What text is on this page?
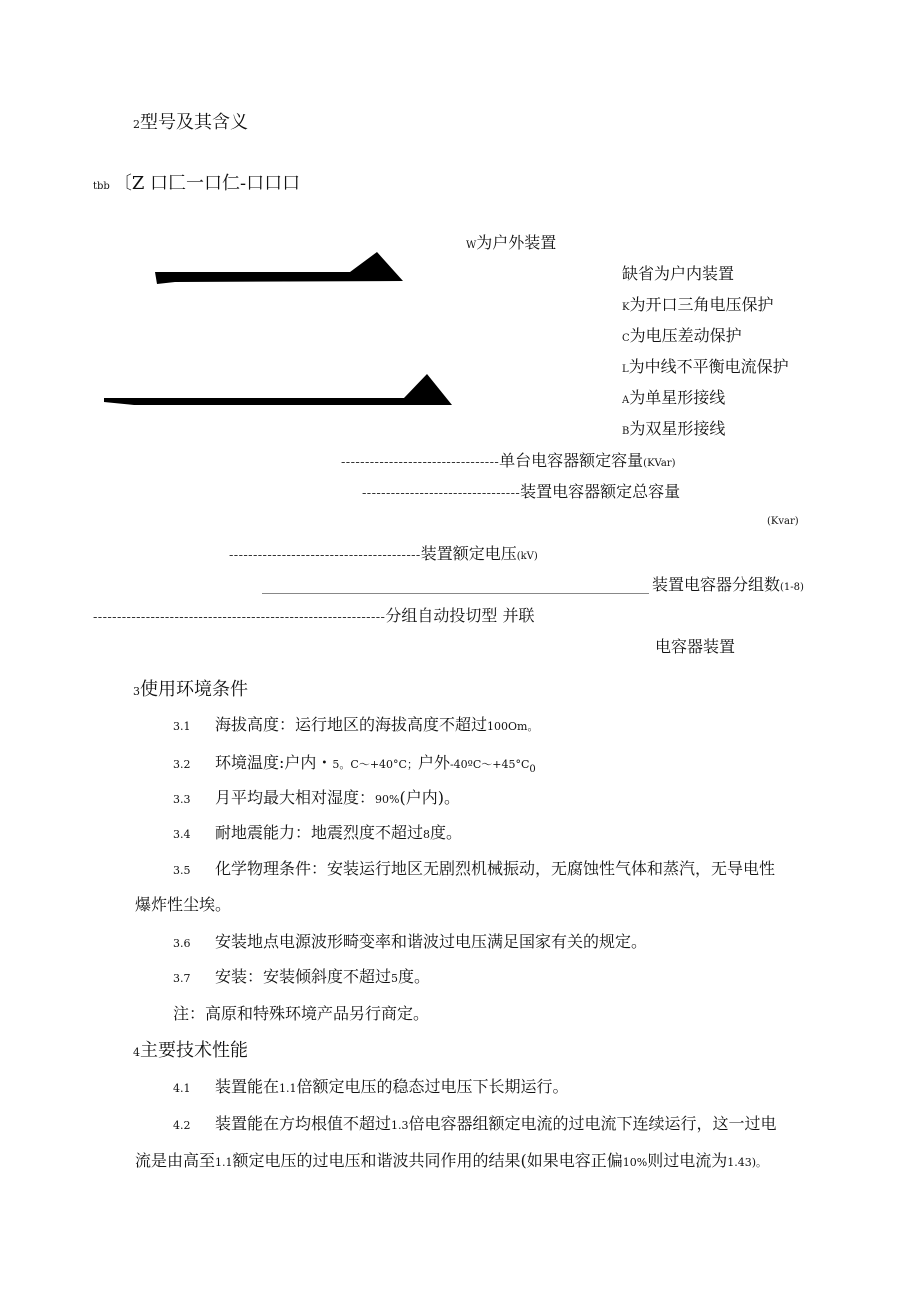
2型号及其含义
tbb 〔Z 口匚一口仁-口口口
W为户外装置
缺省为户内装置
K为开口三角电压保护
C为电压差动保护
L为中线不平衡电流保护
A为单星形接线
B为双星形接线
---------------------------------单台电容器额定容量(KVar)
---------------------------------装置电容器额定总容量
(Kvar)
----------------------------------------装置额定电压(kV)
装置电容器分组数(1-8)
-------------------------------------------------------------分组自动投切型 并联
电容器装置
3使用环境条件
3.1 海拔高度：运行地区的海拔高度不超过100Om。
3.2 环境温度:户内・5。C～+40°C；户外$-40ºC\sim+45^\circ C_0$
3.3 月平均最大相对湿度：90%(户内)。
3.4 耐地震能力：地震烈度不超过8度。
3.5 化学物理条件：安装运行地区无剧烈机械振动，无腐蚀性气体和蒸汽，无导电性
爆炸性尘埃。
3.6 安装地点电源波形畸变率和谐波过电压满足国家有关的规定。
3.7 安装：安装倾斜度不超过5度。
注：高原和特殊环境产品另行商定。
4主要技术性能
4.1 装置能在1.1倍额定电压的稳态过电压下长期运行。
4.2 装置能在方均根值不超过1.3倍电容器组额定电流的过电流下连续运行，这一过电
流是由高至1.1额定电压的过电压和谐波共同作用的结果(如果电容正偏10%则过电流为1.43)。
